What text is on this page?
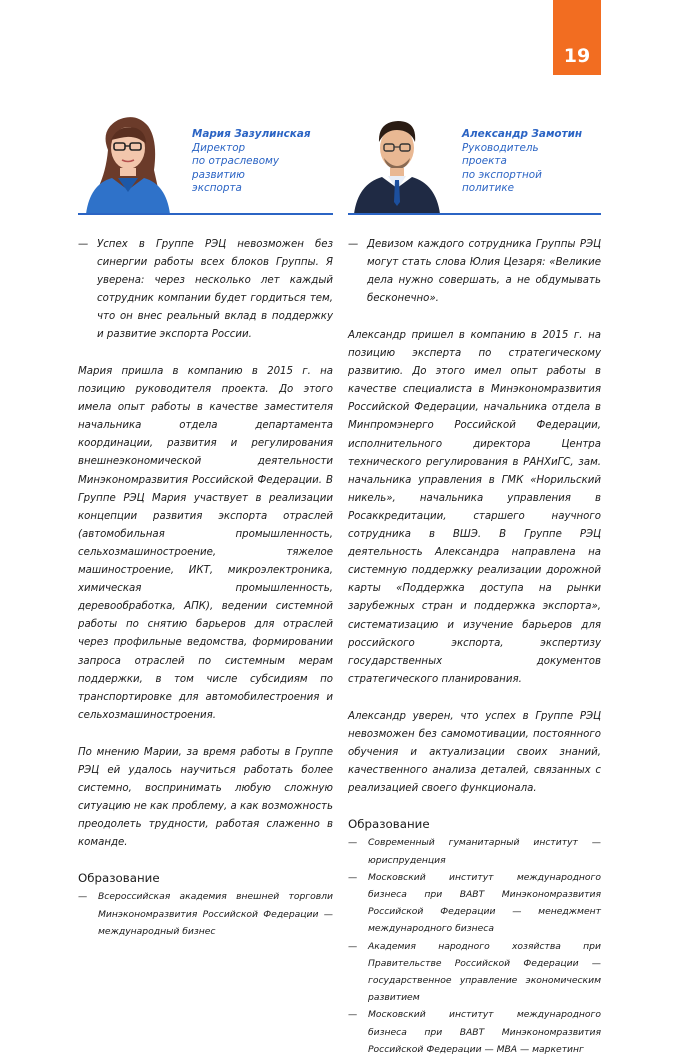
19
Мария Зазулинская
Директор
по отраслевому
развитию
экспорта
— Успех в Группе РЭЦ невозможен без синергии работы всех блоков Группы. Я уверена: через несколько лет каждый сотрудник компании будет гордиться тем, что он внес реальный вклад в поддержку и развитие экспорта России.
Мария пришла в компанию в 2015 г. на позицию руководителя проекта. До этого имела опыт работы в качестве заместителя начальника отдела департамента координации, развития и регулирования внешнеэкономической деятельности Минэкономразвития Российской Федерации. В Группе РЭЦ Мария участвует в реализации концепции развития экспорта отраслей (автомобильная промышленность, сельхозмашиностроение, тяжелое машиностроение, ИКТ, микроэлектроника, химическая промышленность, деревообработка, АПК), ведении системной работы по снятию барьеров для отраслей через профильные ведомства, формировании запроса отраслей по системным мерам поддержки, в том числе субсидиям по транспортировке для автомобилестроения и сельхозмашиностроения.
По мнению Марии, за время работы в Группе РЭЦ ей удалось научиться работать более системно, воспринимать любую сложную ситуацию не как проблему, а как возможность преодолеть трудности, работая слаженно в команде.
Образование
— Всероссийская академия внешней торговли Минэкономразвития Российской Федерации — международный бизнес
Александр Замотин
Руководитель
проекта
по экспортной
политике
— Девизом каждого сотрудника Группы РЭЦ могут стать слова Юлия Цезаря: «Великие дела нужно совершать, а не обдумывать бесконечно».
Александр пришел в компанию в 2015 г. на позицию эксперта по стратегическому развитию. До этого имел опыт работы в качестве специалиста в Минэкономразвития Российской Федерации, начальника отдела в Минпромэнерго Российской Федерации, исполнительного директора Центра технического регулирования в РАНХиГС, зам. начальника управления в ГМК «Норильский никель», начальника управления в Росаккредитации, старшего научного сотрудника в ВШЭ. В Группе РЭЦ деятельность Александра направлена на системную поддержку реализации дорожной карты «Поддержка доступа на рынки зарубежных стран и поддержка экспорта», систематизацию и изучение барьеров для российского экспорта, экспертизу государственных документов стратегического планирования.
Александр уверен, что успех в Группе РЭЦ невозможен без самомотивации, постоянного обучения и актуализации своих знаний, качественного анализа деталей, связанных с реализацией своего функционала.
Образование
— Современный гуманитарный институт — юриспруденция
— Московский институт международного бизнеса при ВАВТ Минэкономразвития Российской Федерации — менеджмент международного бизнеса
— Академия народного хозяйства при Правительстве Российской Федерации — государственное управление экономическим развитием
— Московский институт международного бизнеса при ВАВТ Минэкономразвития Российской Федерации — MBA — маркетинг
